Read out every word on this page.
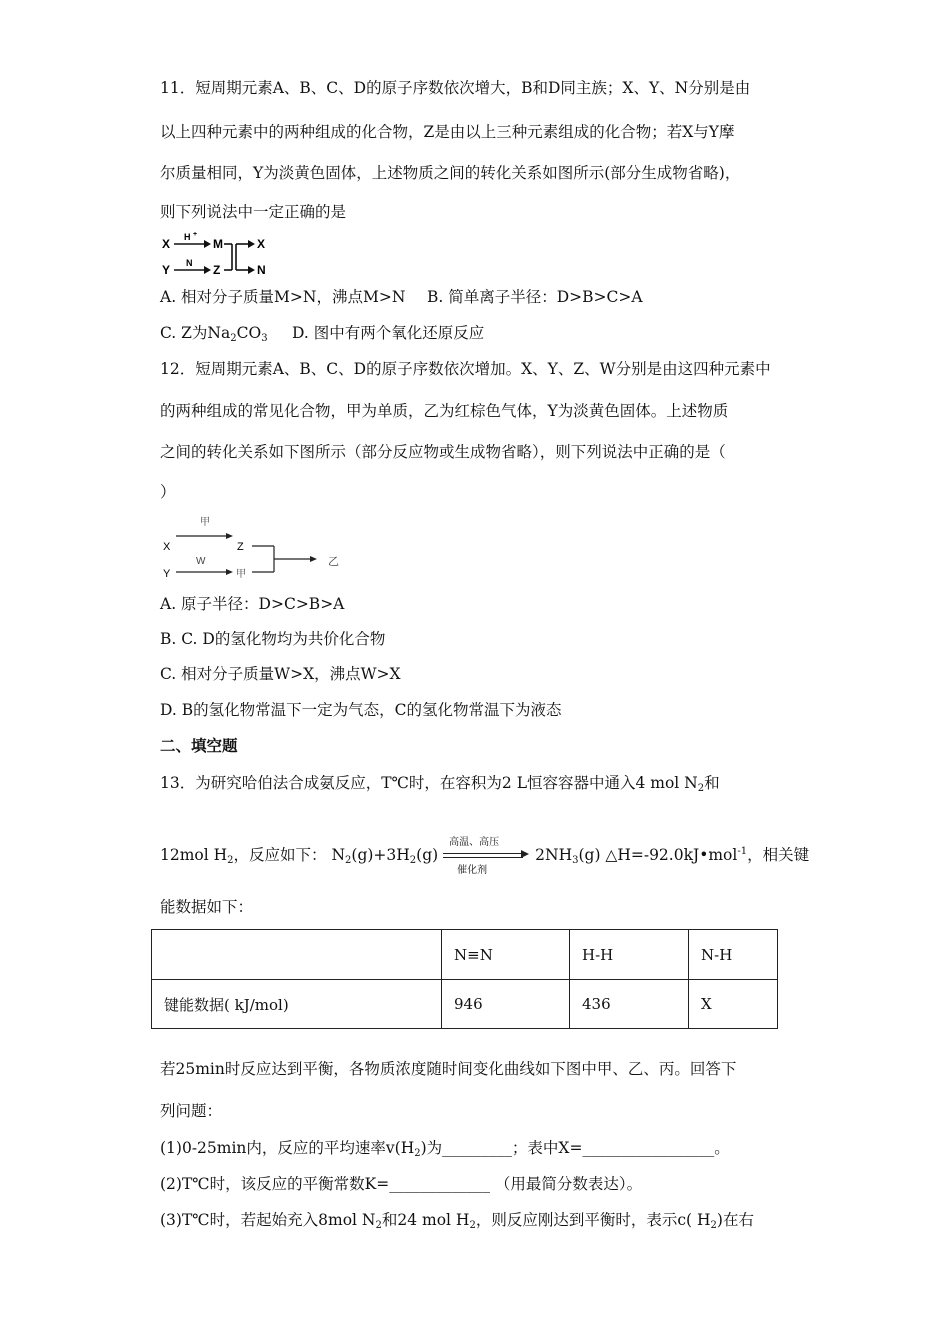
11．短周期元素A、B、C、D的原子序数依次增大，B和D同主族；X、Y、N分别是由
以上四种元素中的两种组成的化合物，Z是由以上三种元素组成的化合物；若X与Y摩
尔质量相同，Y为淡黄色固体，上述物质之间的转化关系如图所示(部分生成物省略)，
则下列说法中一定正确的是
X
Y
H +
N
M
Z
X
N
A. 相对分子质量M>N，沸点M>N B. 简单离子半径：D>B>C>A
C. Z为$Na_2CO_3$ D. 图中有两个氧化还原反应
12．短周期元素A、B、C、D的原子序数依次增加。X、Y、Z、W分别是由这四种元素中
的两种组成的常见化合物，甲为单质，乙为红棕色气体，Y为淡黄色固体。上述物质
之间的转化关系如下图所示（部分反应物或生成物省略），则下列说法中正确的是（
）
甲
X
Y
W
Z
甲
乙
A. 原子半径：D>C>B>A
B. C. D的氢化物均为共价化合物
C. 相对分子质量W>X，沸点W>X
D. B的氢化物常温下一定为气态，C的氢化物常温下为液态
二、填空题
13．为研究哈伯法合成氨反应，T℃时，在容积为2 L恒容容器中通入4 mol $N_2$和
12mol $H_2$，反应如下： $N_2(g)+3H_2(g)$
高温、高压
催化剂
$2NH_3(g)$ △H=-92.0kJ•mol$^{-1}$，相关键
能数据如下：
	N≡N	H-H	N-H
键能数据( kJ/mol)	946	436	X
若25min时反应达到平衡，各物质浓度随时间变化曲线如下图中甲、乙、丙。回答下
列问题：
(1)0-25min内，反应的平均速率$v(H_2)$为_________；表中X=_________________。
(2)T℃时，该反应的平衡常数K=_____________ （用最简分数表达）。
(3)T℃时，若起始充入8mol $N_2$和24 mol $H_2$，则反应刚达到平衡时，表示c( $H_2$)在右
